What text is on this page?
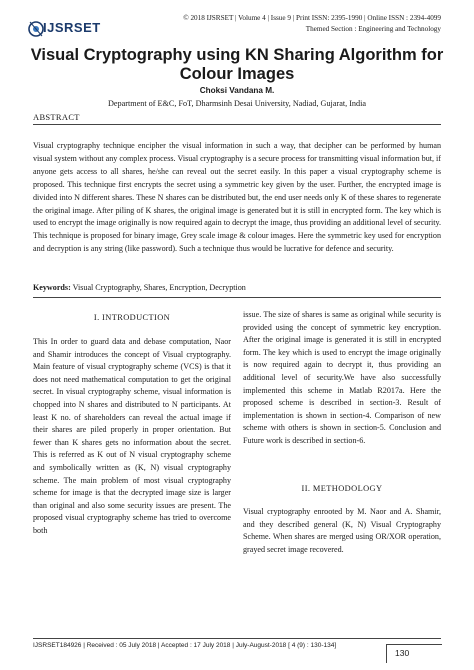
IJSRSET
© 2018 IJSRSET | Volume 4 | Issue 9 | Print ISSN: 2395-1990 | Online ISSN : 2394-4099
Themed Section : Engineering and Technology
Visual Cryptography using KN Sharing Algorithm for Colour Images
Choksi Vandana M.
Department of E&C, FoT, Dharmsinh Desai University, Nadiad, Gujarat, India
ABSTRACT
Visual cryptography technique encipher the visual information in such a way, that decipher can be performed by human visual system without any complex process. Visual cryptography is a secure process for transmitting visual information but, if anyone gets access to all shares, he/she can reveal out the secret easily. In this paper a visual cryptography scheme is proposed. This technique first encrypts the secret using a symmetric key given by the user. Further, the encrypted image is divided into N different shares. These N shares can be distributed but, the end user needs only K of these shares to regenerate the original image. After piling of K shares, the original image is generated but it is still in encrypted form. The key which is used to encrypt the image originally is now required again to decrypt the image, thus providing an additional level of security. This technique is proposed for binary image, Grey scale image & colour images. Here the symmetric key used for encryption and decryption is any string (like password). Such a technique thus would be lucrative for defence and security.
Keywords: Visual Cryptography, Shares, Encryption, Decryption
I. INTRODUCTION
This In order to guard data and debase computation, Naor and Shamir introduces the concept of Visual cryptography. Main feature of visual cryptography scheme (VCS) is that it does not need mathematical computation to get the original secret. In visual cryptography scheme, visual information is chopped into N shares and distributed to N participants. At least K no. of shareholders can reveal the actual image if their shares are piled properly in proper orientation. But fewer than K shares gets no information about the secret. This is referred as K out of N visual cryptography scheme and symbolically written as (K, N) visual cryptography scheme. The main problem of most visual cryptography scheme for image is that the decrypted image size is larger than original and also some security issues are present. The proposed visual cryptography scheme has tried to overcome both
issue. The size of shares is same as original while security is provided using the concept of symmetric key encryption. After the original image is generated it is still in encrypted form. The key which is used to encrypt the image originally is now required again to decrypt it, thus providing an additional level of security.We have also successfully implemented this scheme in Matlab R2017a. Here the proposed scheme is described in section-3. Result of implementation is shown in section-4. Comparison of new scheme with others is shown in section-5. Conclusion and Future work is described in section-6.
II. METHODOLOGY
Visual cryptography enrooted by M. Naor and A. Shamir, and they described general (K, N) Visual Cryptography Scheme. When shares are merged using OR/XOR operation, grayed secret image recovered.
IJSRSET184926 | Received : 05 July 2018 | Accepted : 17 July 2018 | July-August-2018 [ 4 (9) : 130-134]
130
